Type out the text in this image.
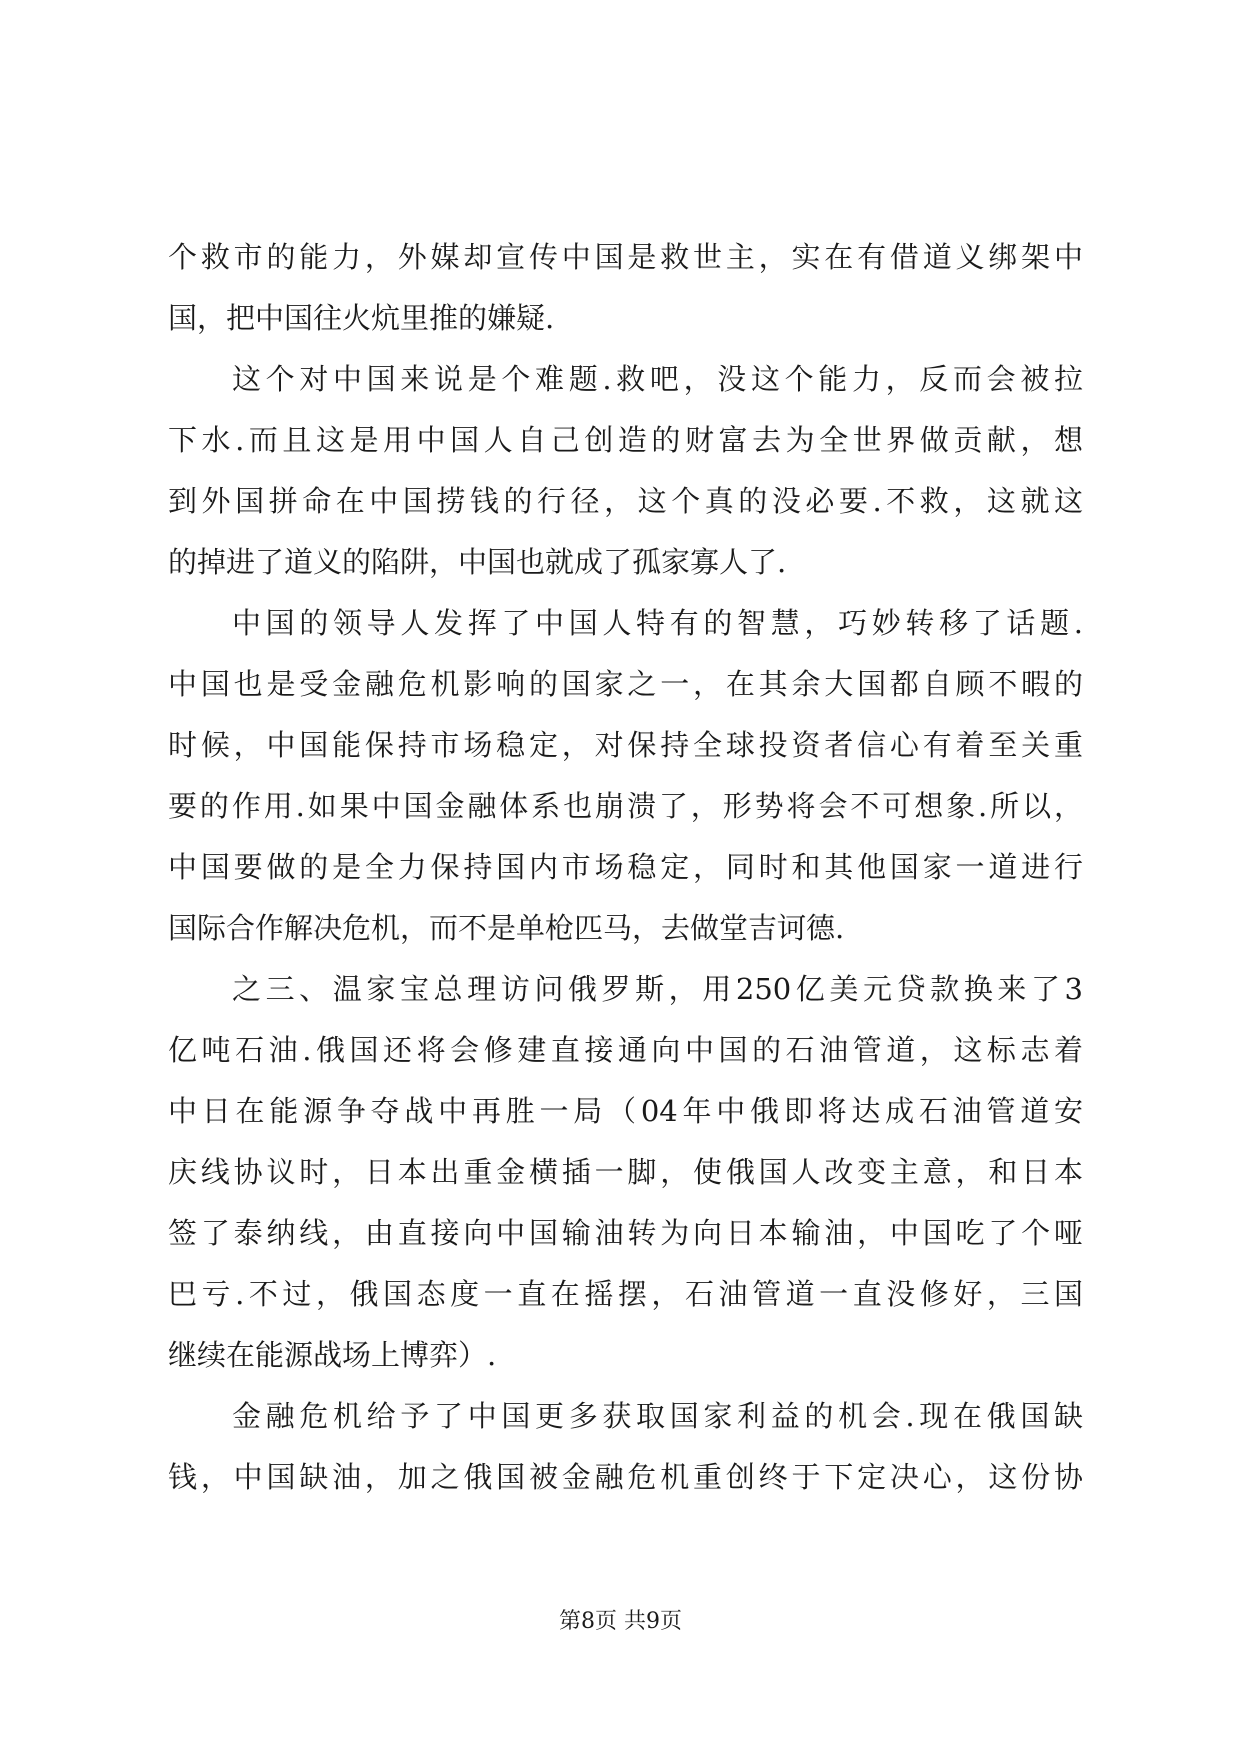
个救市的能力，外媒却宣传中国是救世主，实在有借道义绑架中
国，把中国往火炕里推的嫌疑.
这个对中国来说是个难题.救吧，没这个能力，反而会被拉
下水.而且这是用中国人自己创造的财富去为全世界做贡献，想
到外国拼命在中国捞钱的行径，这个真的没必要.不救，这就这
的掉进了道义的陷阱，中国也就成了孤家寡人了.
中国的领导人发挥了中国人特有的智慧，巧妙转移了话题.
中国也是受金融危机影响的国家之一，在其余大国都自顾不暇的
时候，中国能保持市场稳定，对保持全球投资者信心有着至关重
要的作用.如果中国金融体系也崩溃了，形势将会不可想象.所以，
中国要做的是全力保持国内市场稳定，同时和其他国家一道进行
国际合作解决危机，而不是单枪匹马，去做堂吉诃德.
之三、温家宝总理访问俄罗斯，用250亿美元贷款换来了3
亿吨石油.俄国还将会修建直接通向中国的石油管道，这标志着
中日在能源争夺战中再胜一局（04年中俄即将达成石油管道安
庆线协议时，日本出重金横插一脚，使俄国人改变主意，和日本
签了泰纳线，由直接向中国输油转为向日本输油，中国吃了个哑
巴亏.不过，俄国态度一直在摇摆，石油管道一直没修好，三国
继续在能源战场上博弈）.
金融危机给予了中国更多获取国家利益的机会.现在俄国缺
钱，中国缺油，加之俄国被金融危机重创终于下定决心，这份协
第8页 共9页
